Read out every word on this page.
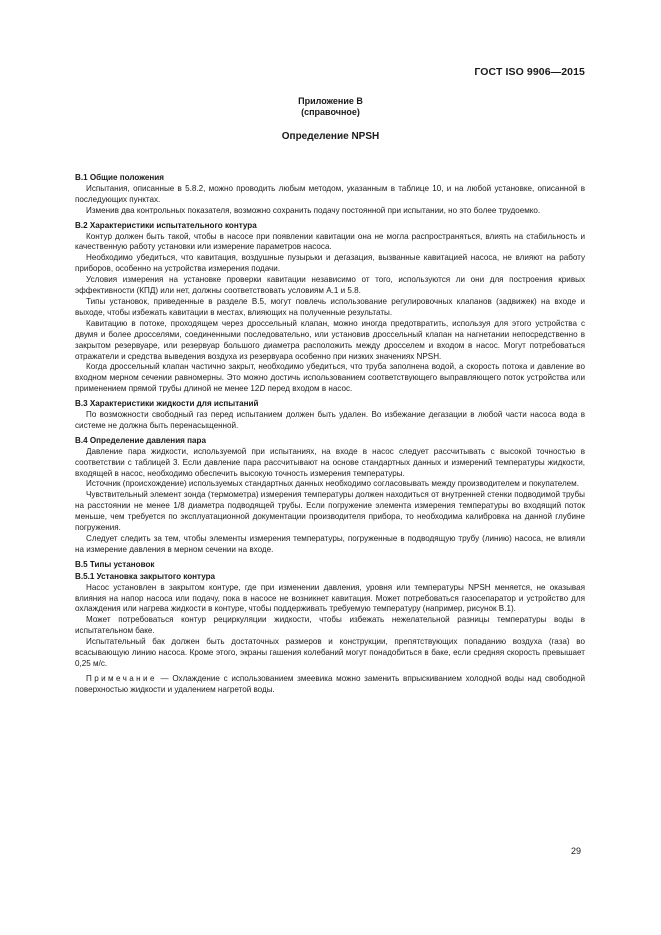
ГОСТ ISO 9906—2015
Приложение В
(справочное)
Определение NPSH
В.1 Общие положения

Испытания, описанные в 5.8.2, можно проводить любым методом, указанным в таблице 10, и на любой установке, описанной в последующих пунктах.

Изменив два контрольных показателя, возможно сохранить подачу постоянной при испытании, но это более трудоемко.

В.2 Характеристики испытательного контура

Контур должен быть такой, чтобы в насосе при появлении кавитации она не могла распространяться, влиять на стабильность и качественную работу установки или измерение параметров насоса.

Необходимо убедиться, что кавитация, воздушные пузырьки и дегазация, вызванные кавитацией насоса, не влияют на работу приборов, особенно на устройства измерения подачи.

Условия измерения на установке проверки кавитации независимо от того, используются ли они для построения кривых эффективности (КПД) или нет, должны соответствовать условиям А.1 и 5.8.

Типы установок, приведенные в разделе В.5, могут повлечь использование регулировочных клапанов (задвижек) на входе и выходе, чтобы избежать кавитации в местах, влияющих на полученные результаты.

Кавитацию в потоке, проходящем через дроссельный клапан, можно иногда предотвратить, используя для этого устройства с двумя и более дросселями, соединенными последовательно, или установив дроссельный клапан на нагнетании непосредственно в закрытом резервуаре, или резервуар большого диаметра расположить между дросселем и входом в насос. Могут потребоваться отражатели и средства выведения воздуха из резервуара особенно при низких значениях NPSH.

Когда дроссельный клапан частично закрыт, необходимо убедиться, что труба заполнена водой, а скорость потока и давление во входном мерном сечении равномерны. Это можно достичь использованием соответствующего выправляющего поток устройства или применением прямой трубы длиной не менее 12D перед входом в насос.

В.3 Характеристики жидкости для испытаний

По возможности свободный газ перед испытанием должен быть удален. Во избежание дегазации в любой части насоса вода в системе не должна быть перенасыщенной.

В.4 Определение давления пара

Давление пара жидкости, используемой при испытаниях, на входе в насос следует рассчитывать с высокой точностью в соответствии с таблицей 3. Если давление пара рассчитывают на основе стандартных данных и измерений температуры жидкости, входящей в насос, необходимо обеспечить высокую точность измерения температуры.

Источник (происхождение) используемых стандартных данных необходимо согласовывать между производителем и покупателем.

Чувствительный элемент зонда (термометра) измерения температуры должен находиться от внутренней стенки подводимой трубы на расстоянии не менее 1/8 диаметра подводящей трубы. Если погружение элемента измерения температуры во входящий поток меньше, чем требуется по эксплуатационной документации производителя прибора, то необходима калибровка на данной глубине погружения.

Следует следить за тем, чтобы элементы измерения температуры, погруженные в подводящую трубу (линию) насоса, не влияли на измерение давления в мерном сечении на входе.

В.5 Типы установок
В.5.1 Установка закрытого контура

Насос установлен в закрытом контуре, где при изменении давления, уровня или температуры NPSH меняется, не оказывая влияния на напор насоса или подачу, пока в насосе не возникнет кавитация. Может потребоваться газосепаратор и устройство для охлаждения или нагрева жидкости в контуре, чтобы поддерживать требуемую температуру (например, рисунок В.1).

Может потребоваться контур рециркуляции жидкости, чтобы избежать нежелательной разницы температуры воды в испытательном баке.

Испытательный бак должен быть достаточных размеров и конструкции, препятствующих попаданию воздуха (газа) во всасывающую линию насоса. Кроме этого, экраны гашения колебаний могут понадобиться в баке, если средняя скорость превышает 0,25 м/с.

Примечание — Охлаждение с использованием змеевика можно заменить впрыскиванием холодной воды над свободной поверхностью жидкости и удалением нагретой воды.

29
